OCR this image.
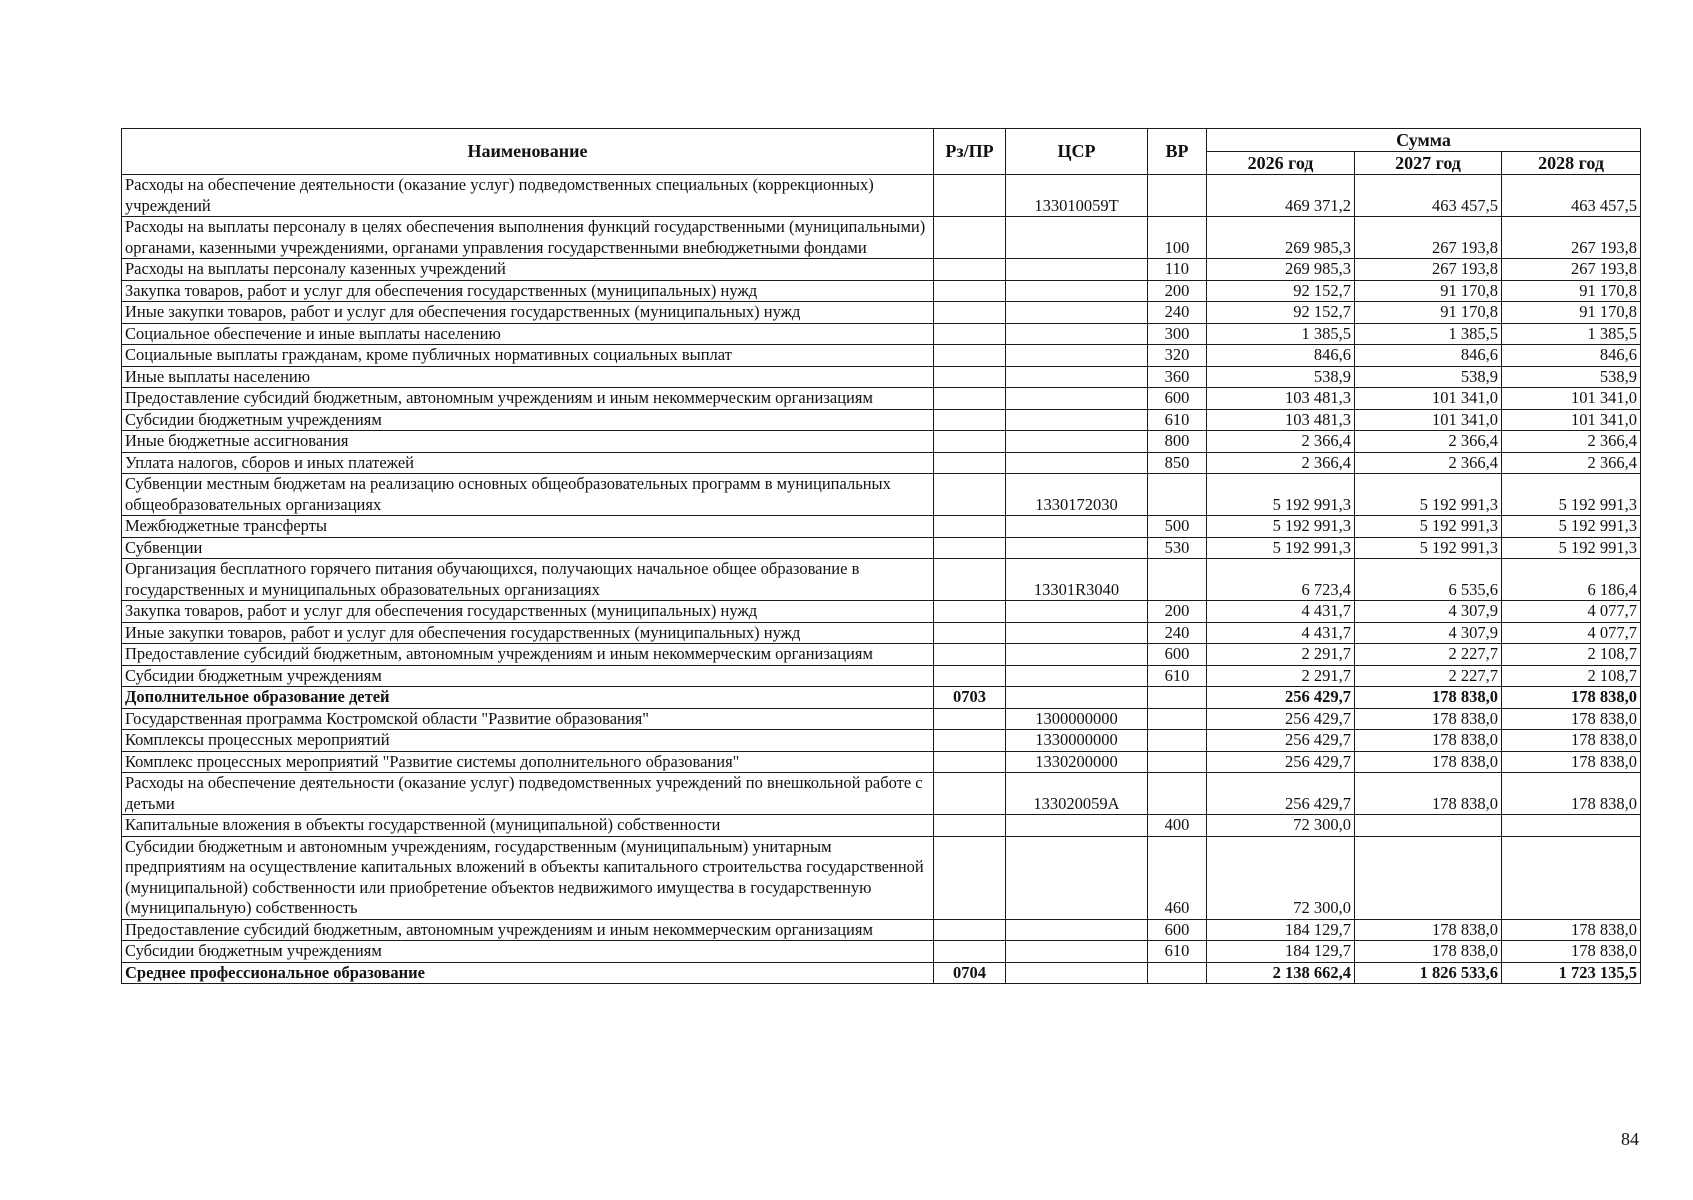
Наименование	Рз/ПР	ЦСР	ВР	Сумма		
				2026 год	2027 год	2028 год
Расходы на обеспечение деятельности (оказание услуг) подведомственных специальных (коррекционных) учреждений		133010059Т		469 371,2	463 457,5	463 457,5
Расходы на выплаты персоналу в целях обеспечения выполнения функций государственными (муниципальными) органами, казенными учреждениями, органами управления государственными внебюджетными фондами			100	269 985,3	267 193,8	267 193,8
Расходы на выплаты персоналу казенных учреждений			110	269 985,3	267 193,8	267 193,8
Закупка товаров, работ и услуг для обеспечения государственных (муниципальных) нужд			200	92 152,7	91 170,8	91 170,8
Иные закупки товаров, работ и услуг для обеспечения государственных (муниципальных) нужд			240	92 152,7	91 170,8	91 170,8
Социальное обеспечение и иные выплаты населению			300	1 385,5	1 385,5	1 385,5
Социальные выплаты гражданам, кроме публичных нормативных социальных выплат			320	846,6	846,6	846,6
Иные выплаты населению			360	538,9	538,9	538,9
Предоставление субсидий бюджетным, автономным учреждениям и иным некоммерческим организациям			600	103 481,3	101 341,0	101 341,0
Субсидии бюджетным учреждениям			610	103 481,3	101 341,0	101 341,0
Иные бюджетные ассигнования			800	2 366,4	2 366,4	2 366,4
Уплата налогов, сборов и иных платежей			850	2 366,4	2 366,4	2 366,4
Субвенции местным бюджетам на реализацию основных общеобразовательных программ в муниципальных общеобразовательных организациях		1330172030		5 192 991,3	5 192 991,3	5 192 991,3
Межбюджетные трансферты			500	5 192 991,3	5 192 991,3	5 192 991,3
Субвенции			530	5 192 991,3	5 192 991,3	5 192 991,3
Организация бесплатного горячего питания обучающихся, получающих начальное общее образование в государственных и муниципальных образовательных организациях		13301R3040		6 723,4	6 535,6	6 186,4
Закупка товаров, работ и услуг для обеспечения государственных (муниципальных) нужд			200	4 431,7	4 307,9	4 077,7
Иные закупки товаров, работ и услуг для обеспечения государственных (муниципальных) нужд			240	4 431,7	4 307,9	4 077,7
Предоставление субсидий бюджетным, автономным учреждениям и иным некоммерческим организациям			600	2 291,7	2 227,7	2 108,7
Субсидии бюджетным учреждениям			610	2 291,7	2 227,7	2 108,7
Дополнительное образование детей	0703			256 429,7	178 838,0	178 838,0
Государственная программа Костромской области "Развитие образования"		1300000000		256 429,7	178 838,0	178 838,0
Комплексы процессных мероприятий		1330000000		256 429,7	178 838,0	178 838,0
Комплекс процессных мероприятий "Развитие системы дополнительного образования"		1330200000		256 429,7	178 838,0	178 838,0
Расходы на обеспечение деятельности (оказание услуг) подведомственных учреждений по внешкольной работе с детьми		133020059А		256 429,7	178 838,0	178 838,0
Капитальные вложения в объекты государственной (муниципальной) собственности			400	72 300,0		
Субсидии бюджетным и автономным учреждениям, государственным (муниципальным) унитарным предприятиям на осуществление капитальных вложений в объекты капитального строительства государственной (муниципальной) собственности или приобретение объектов недвижимого имущества в государственную (муниципальную) собственность			460	72 300,0		
Предоставление субсидий бюджетным, автономным учреждениям и иным некоммерческим организациям			600	184 129,7	178 838,0	178 838,0
Субсидии бюджетным учреждениям			610	184 129,7	178 838,0	178 838,0
Среднее профессиональное образование	0704			2 138 662,4	1 826 533,6	1 723 135,5
84
